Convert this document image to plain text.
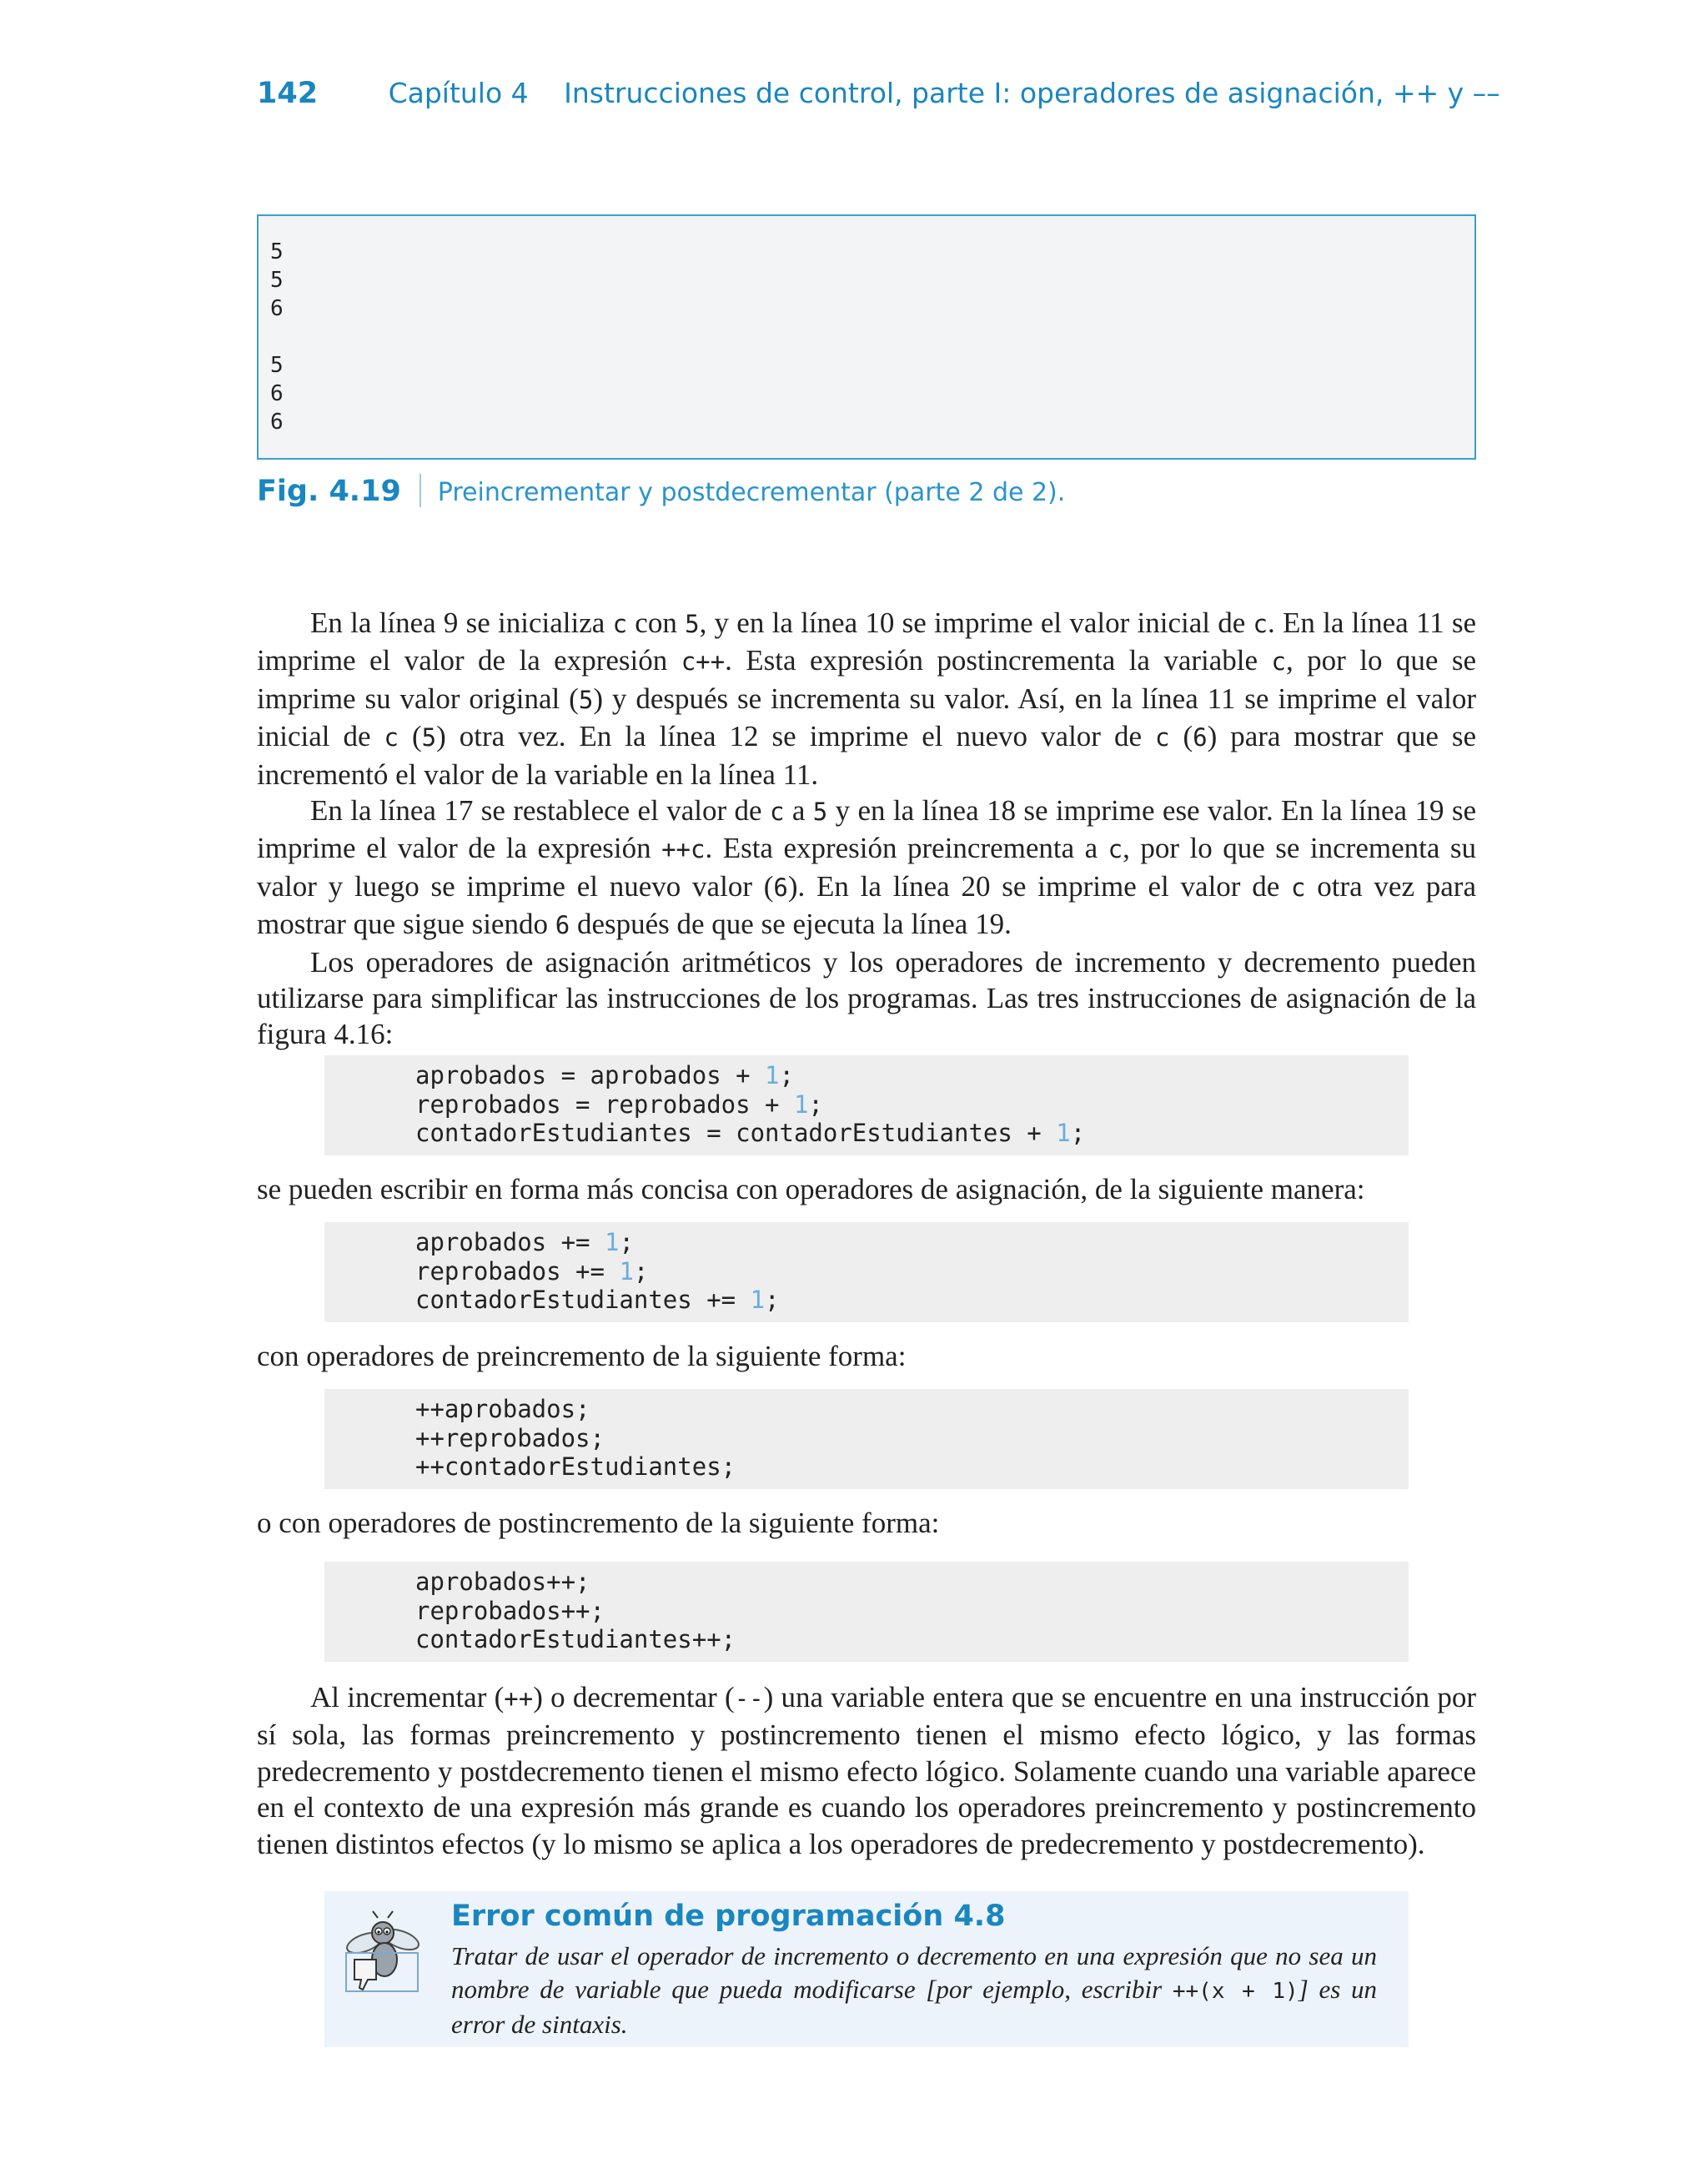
142	Capítulo 4 Instrucciones de control, parte I: operadores de asignación, ++ y ––
5
5
6
5
6
6
Fig. 4.19 Preincrementar y postdecrementar (parte 2 de 2).

En la línea 9 se inicializa c con 5, y en la línea 10 se imprime el valor inicial de c. En la línea 11 se imprime el valor de la expresión c++. Esta expresión postincrementa la variable c, por lo que se imprime su valor original (5) y después se incrementa su valor. Así, en la línea 11 se imprime el valor inicial de c (5) otra vez. En la línea 12 se imprime el nuevo valor de c (6) para mostrar que se incrementó el valor de la variable en la línea 11.

En la línea 17 se restablece el valor de c a 5 y en la línea 18 se imprime ese valor. En la línea 19 se imprime el valor de la expresión ++c. Esta expresión preincrementa a c, por lo que se incrementa su valor y luego se imprime el nuevo valor (6). En la línea 20 se imprime el valor de c otra vez para mostrar que sigue siendo 6 después de que se ejecuta la línea 19.

Los operadores de asignación aritméticos y los operadores de incremento y decremento pueden utilizarse para simplificar las instrucciones de los programas. Las tres instrucciones de asignación de la figura 4.16:

aprobados = aprobados + 1;
reprobados = reprobados + 1;
contadorEstudiantes = contadorEstudiantes + 1;

se pueden escribir en forma más concisa con operadores de asignación, de la siguiente manera:

aprobados += 1;
reprobados += 1;
contadorEstudiantes += 1;

con operadores de preincremento de la siguiente forma:

++aprobados;
++reprobados;
++contadorEstudiantes;

o con operadores de postincremento de la siguiente forma:

aprobados++;
reprobados++;
contadorEstudiantes++;

Al incrementar (++) o decrementar (--) una variable entera que se encuentre en una instrucción por sí sola, las formas preincremento y postincremento tienen el mismo efecto lógico, y las formas predecremento y postdecremento tienen el mismo efecto lógico. Solamente cuando una variable aparece en el contexto de una expresión más grande es cuando los operadores preincremento y postincremento tienen distintos efectos (y lo mismo se aplica a los operadores de predecremento y postdecremento).

Error común de programación 4.8
Tratar de usar el operador de incremento o decremento en una expresión que no sea un nombre de variable que pueda modificarse [por ejemplo, escribir ++(x + 1)] es un error de sintaxis.
